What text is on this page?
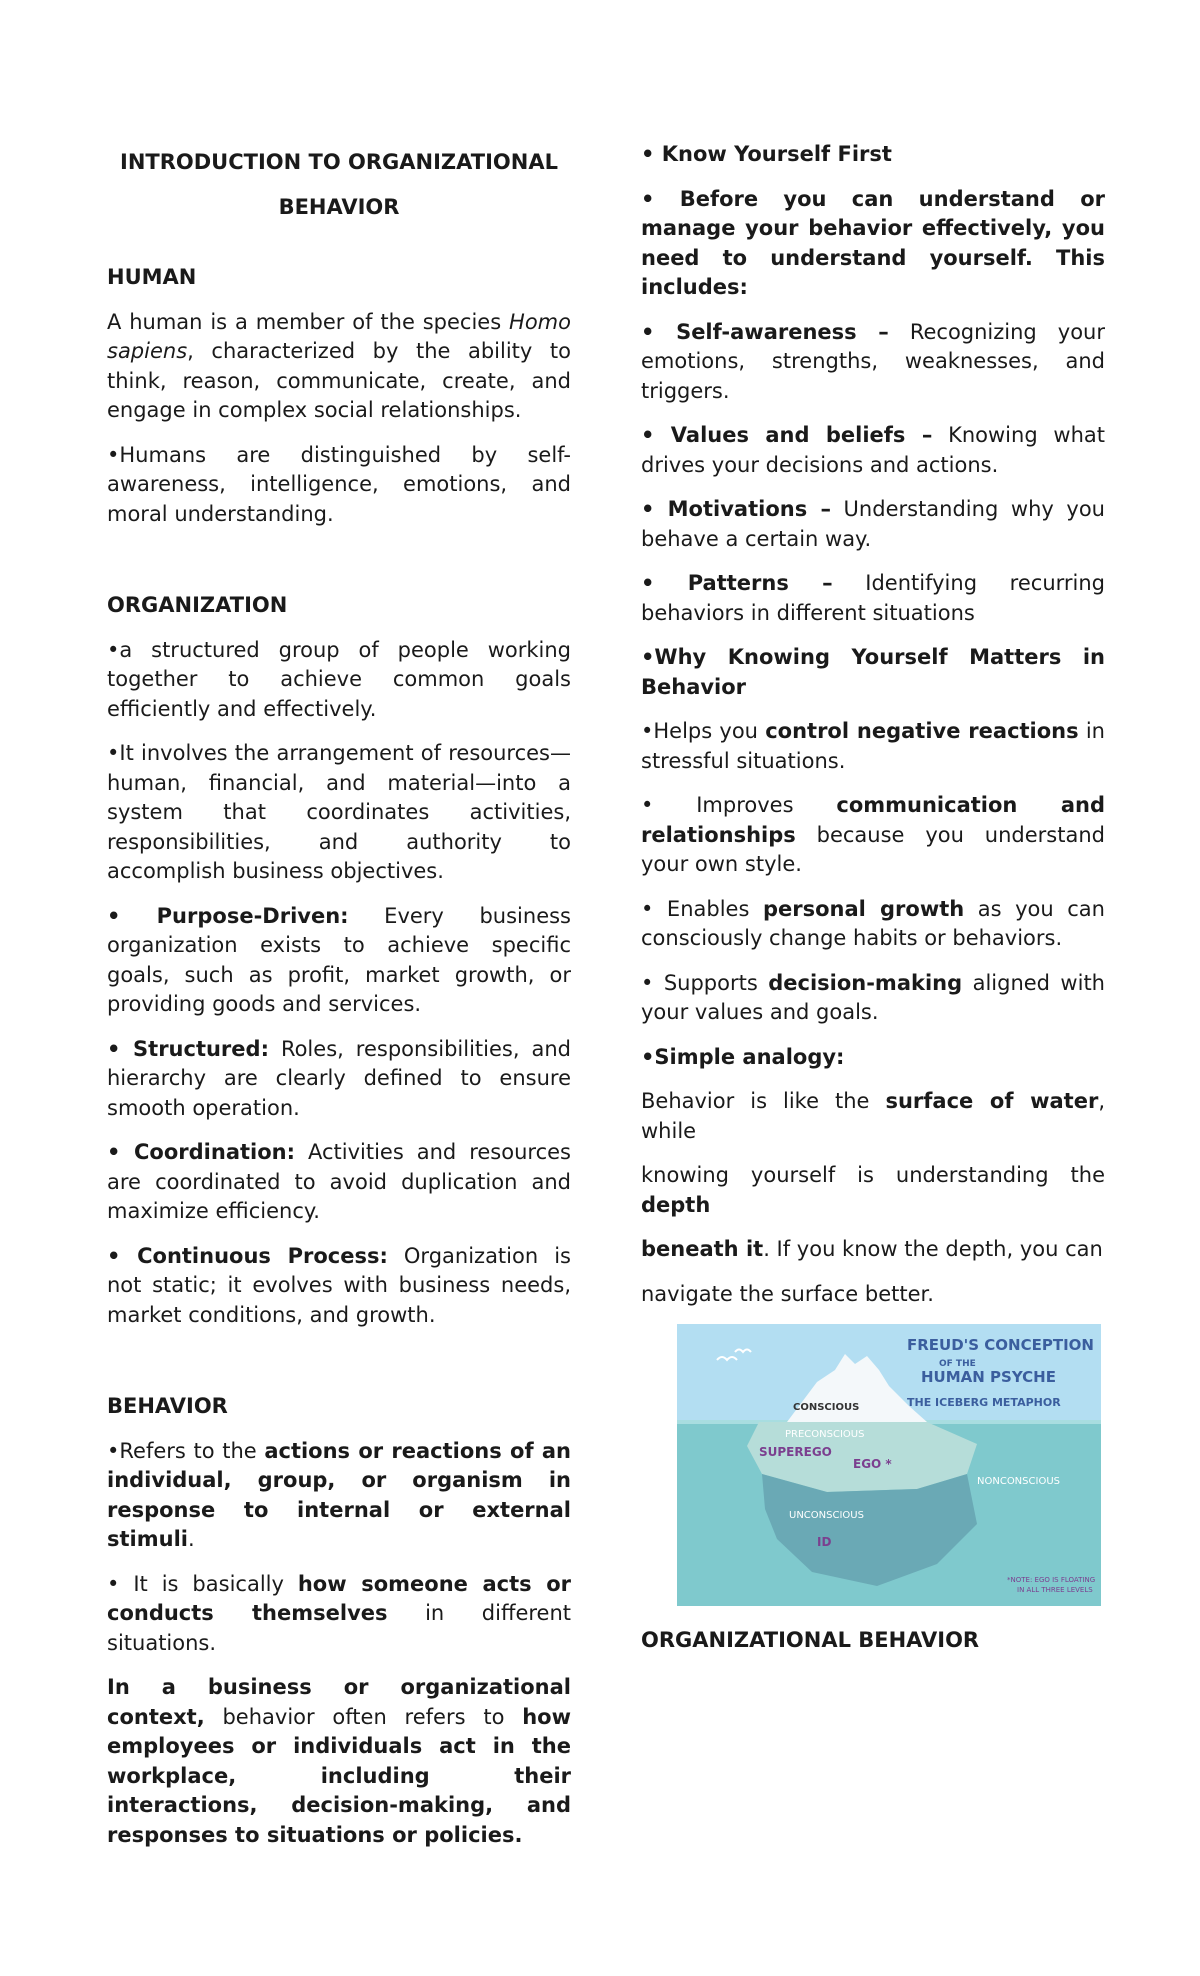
INTRODUCTION TO ORGANIZATIONAL

BEHAVIOR

HUMAN

A human is a member of the species Homo sapiens, characterized by the ability to think, reason, communicate, create, and engage in complex social relationships.

•Humans are distinguished by self-awareness, intelligence, emotions, and moral understanding.

ORGANIZATION

•a structured group of people working together to achieve common goals efficiently and effectively.

•It involves the arrangement of resources—human, financial, and material—into a system that coordinates activities, responsibilities, and authority to accomplish business objectives.

• Purpose-Driven: Every business organization exists to achieve specific goals, such as profit, market growth, or providing goods and services.

• Structured: Roles, responsibilities, and hierarchy are clearly defined to ensure smooth operation.

• Coordination: Activities and resources are coordinated to avoid duplication and maximize efficiency.

• Continuous Process: Organization is not static; it evolves with business needs, market conditions, and growth.

BEHAVIOR

•Refers to the actions or reactions of an individual, group, or organism in response to internal or external stimuli.

• It is basically how someone acts or conducts themselves in different situations.

In a business or organizational context, behavior often refers to how employees or individuals act in the workplace, including their interactions, decision-making, and responses to situations or policies.

• Know Yourself First

• Before you can understand or manage your behavior effectively, you need to understand yourself. This includes:

• Self-awareness – Recognizing your emotions, strengths, weaknesses, and triggers.

• Values and beliefs – Knowing what drives your decisions and actions.

• Motivations – Understanding why you behave a certain way.

• Patterns – Identifying recurring behaviors in different situations

•Why Knowing Yourself Matters in Behavior

•Helps you control negative reactions in stressful situations.

• Improves communication and relationships because you understand your own style.

• Enables personal growth as you can consciously change habits or behaviors.

• Supports decision-making aligned with your values and goals.

•Simple analogy:

Behavior is like the surface of water, while

knowing yourself is understanding the depth

beneath it. If you know the depth, you can

navigate the surface better.

FREUD'S CONCEPTION
OF THE
HUMAN PSYCHE
THE ICEBERG METAPHOR
CONSCIOUS
PRECONSCIOUS
SUPEREGO
EGO *
NONCONSCIOUS
UNCONSCIOUS
ID
*NOTE: EGO IS FLOATING
IN ALL THREE LEVELS

ORGANIZATIONAL BEHAVIOR
